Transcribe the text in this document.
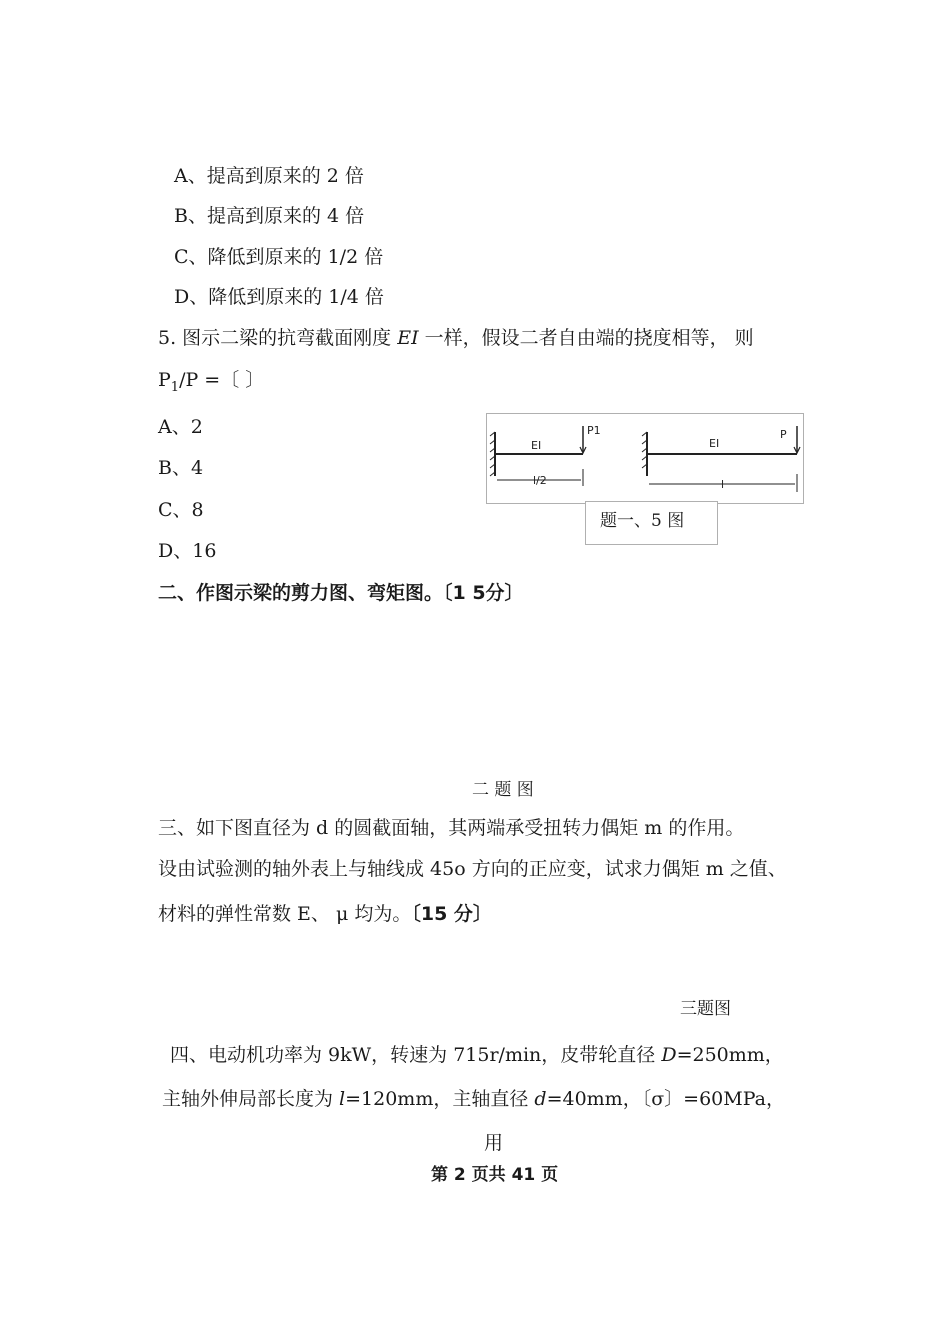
A、提高到原来的 2 倍
B、提高到原来的 4 倍
C、降低到原来的 1/2 倍
D、降低到原来的 1/4 倍
5. 图示二梁的抗弯截面刚度 EI 一样，假设二者自由端的挠度相等， 则
$P_1/P$ =〔 〕
A、2
B、4
C、8
D、16
EI
P1
l/2
EI
P
l
题一、5 图
二、作图示梁的剪力图、弯矩图。〔1 5分〕
二 题 图
三、如下图直径为 d 的圆截面轴，其两端承受扭转力偶矩 m 的作用。
设由试验测的轴外表上与轴线成 45o 方向的正应变，试求力偶矩 m 之值、
材料的弹性常数 E、 μ 均为。〔15 分〕
三题图
四、电动机功率为 9kW，转速为 715r/min，皮带轮直径 D=250mm，
主轴外伸局部长度为 l=120mm，主轴直径 d=40mm，〔σ〕=60MPa，
用
第 2 页共 41 页
